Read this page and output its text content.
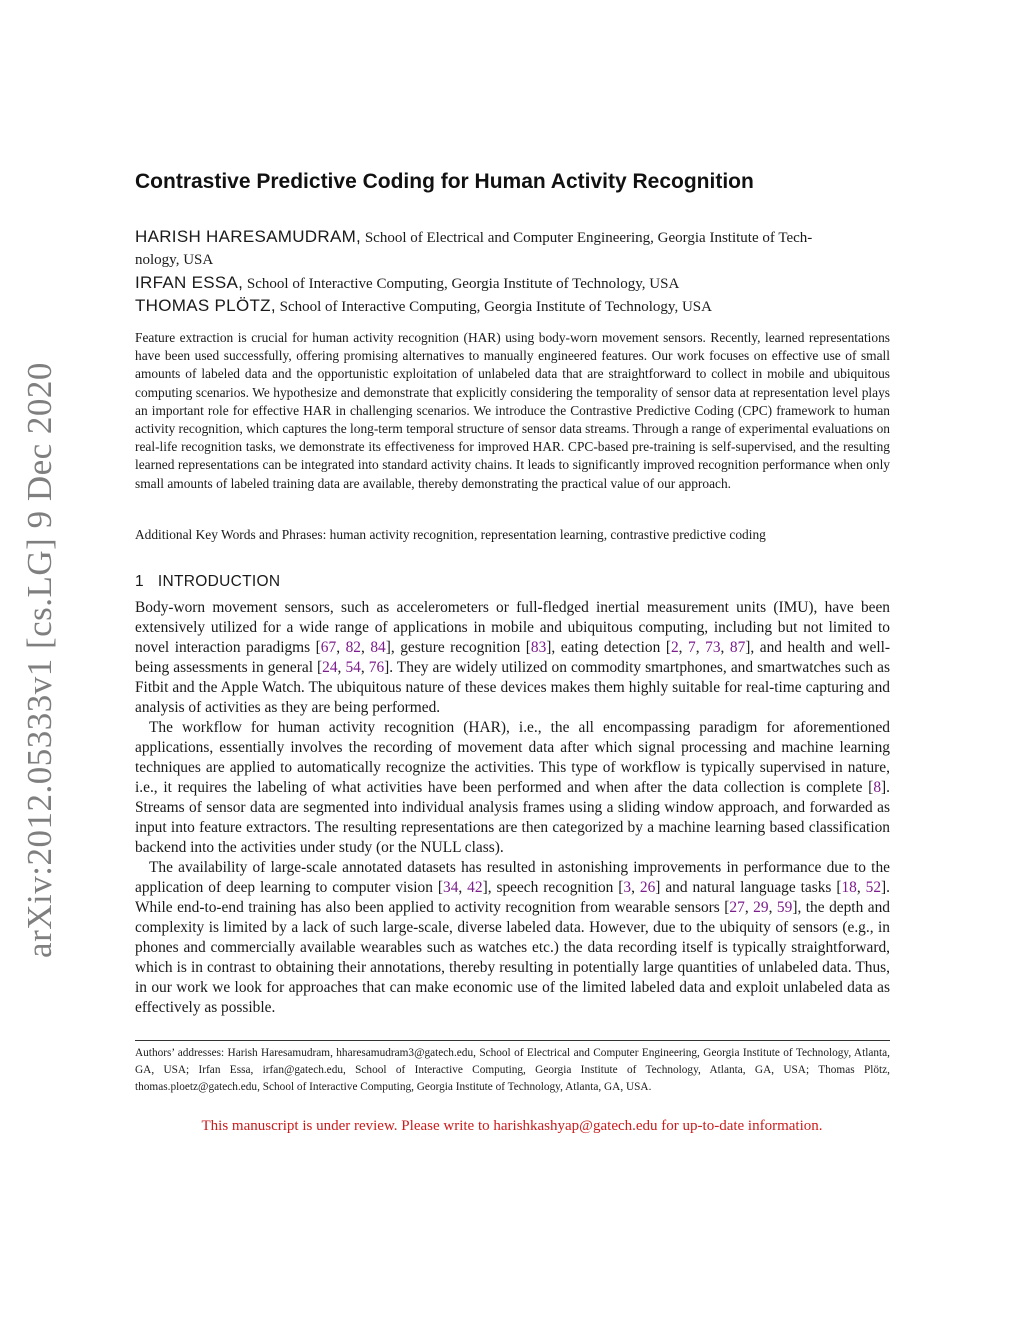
arXiv:2012.05333v1 [cs.LG] 9 Dec 2020
Contrastive Predictive Coding for Human Activity Recognition
HARISH HARESAMUDRAM, School of Electrical and Computer Engineering, Georgia Institute of Tech-
nology, USA
IRFAN ESSA, School of Interactive Computing, Georgia Institute of Technology, USA
THOMAS PLÖTZ, School of Interactive Computing, Georgia Institute of Technology, USA
Feature extraction is crucial for human activity recognition (HAR) using body-worn movement sensors. Recently, learned representations have been used successfully, offering promising alternatives to manually engineered features. Our work focuses on effective use of small amounts of labeled data and the opportunistic exploitation of unlabeled data that are straightforward to collect in mobile and ubiquitous computing scenarios. We hypothesize and demonstrate that explicitly considering the temporality of sensor data at representation level plays an important role for effective HAR in challenging scenarios. We introduce the Contrastive Predictive Coding (CPC) framework to human activity recognition, which captures the long-term temporal structure of sensor data streams. Through a range of experimental evaluations on real-life recognition tasks, we demonstrate its effectiveness for improved HAR. CPC-based pre-training is self-supervised, and the resulting learned representations can be integrated into standard activity chains. It leads to significantly improved recognition performance when only small amounts of labeled training data are available, thereby demonstrating the practical value of our approach.
Additional Key Words and Phrases: human activity recognition, representation learning, contrastive predictive coding
1 INTRODUCTION

Body-worn movement sensors, such as accelerometers or full-fledged inertial measurement units (IMU), have been extensively utilized for a wide range of applications in mobile and ubiquitous computing, including but not limited to novel interaction paradigms [67, 82, 84], gesture recognition [83], eating detection [2, 7, 73, 87], and health and well-being assessments in general [24, 54, 76]. They are widely utilized on commodity smartphones, and smartwatches such as Fitbit and the Apple Watch. The ubiquitous nature of these devices makes them highly suitable for real-time capturing and analysis of activities as they are being performed.

The workflow for human activity recognition (HAR), i.e., the all encompassing paradigm for aforementioned applications, essentially involves the recording of movement data after which signal processing and machine learning techniques are applied to automatically recognize the activities. This type of workflow is typically supervised in nature, i.e., it requires the labeling of what activities have been performed and when after the data collection is complete [8]. Streams of sensor data are segmented into individual analysis frames using a sliding window approach, and forwarded as input into feature extractors. The resulting representations are then categorized by a machine learning based classification backend into the activities under study (or the NULL class).

The availability of large-scale annotated datasets has resulted in astonishing improvements in performance due to the application of deep learning to computer vision [34, 42], speech recognition [3, 26] and natural language tasks [18, 52]. While end-to-end training has also been applied to activity recognition from wearable sensors [27, 29, 59], the depth and complexity is limited by a lack of such large-scale, diverse labeled data. However, due to the ubiquity of sensors (e.g., in phones and commercially available wearables such as watches etc.) the data recording itself is typically straightforward, which is in contrast to obtaining their annotations, thereby resulting in potentially large quantities of unlabeled data. Thus, in our work we look for approaches that can make economic use of the limited labeled data and exploit unlabeled data as effectively as possible.

Authors’ addresses: Harish Haresamudram, hharesamudram3@gatech.edu, School of Electrical and Computer Engineering, Georgia Institute of Technology, Atlanta, GA, USA; Irfan Essa, irfan@gatech.edu, School of Interactive Computing, Georgia Institute of Technology, Atlanta, GA, USA; Thomas Plötz, thomas.ploetz@gatech.edu, School of Interactive Computing, Georgia Institute of Technology, Atlanta, GA, USA.
This manuscript is under review. Please write to harishkashyap@gatech.edu for up-to-date information.
